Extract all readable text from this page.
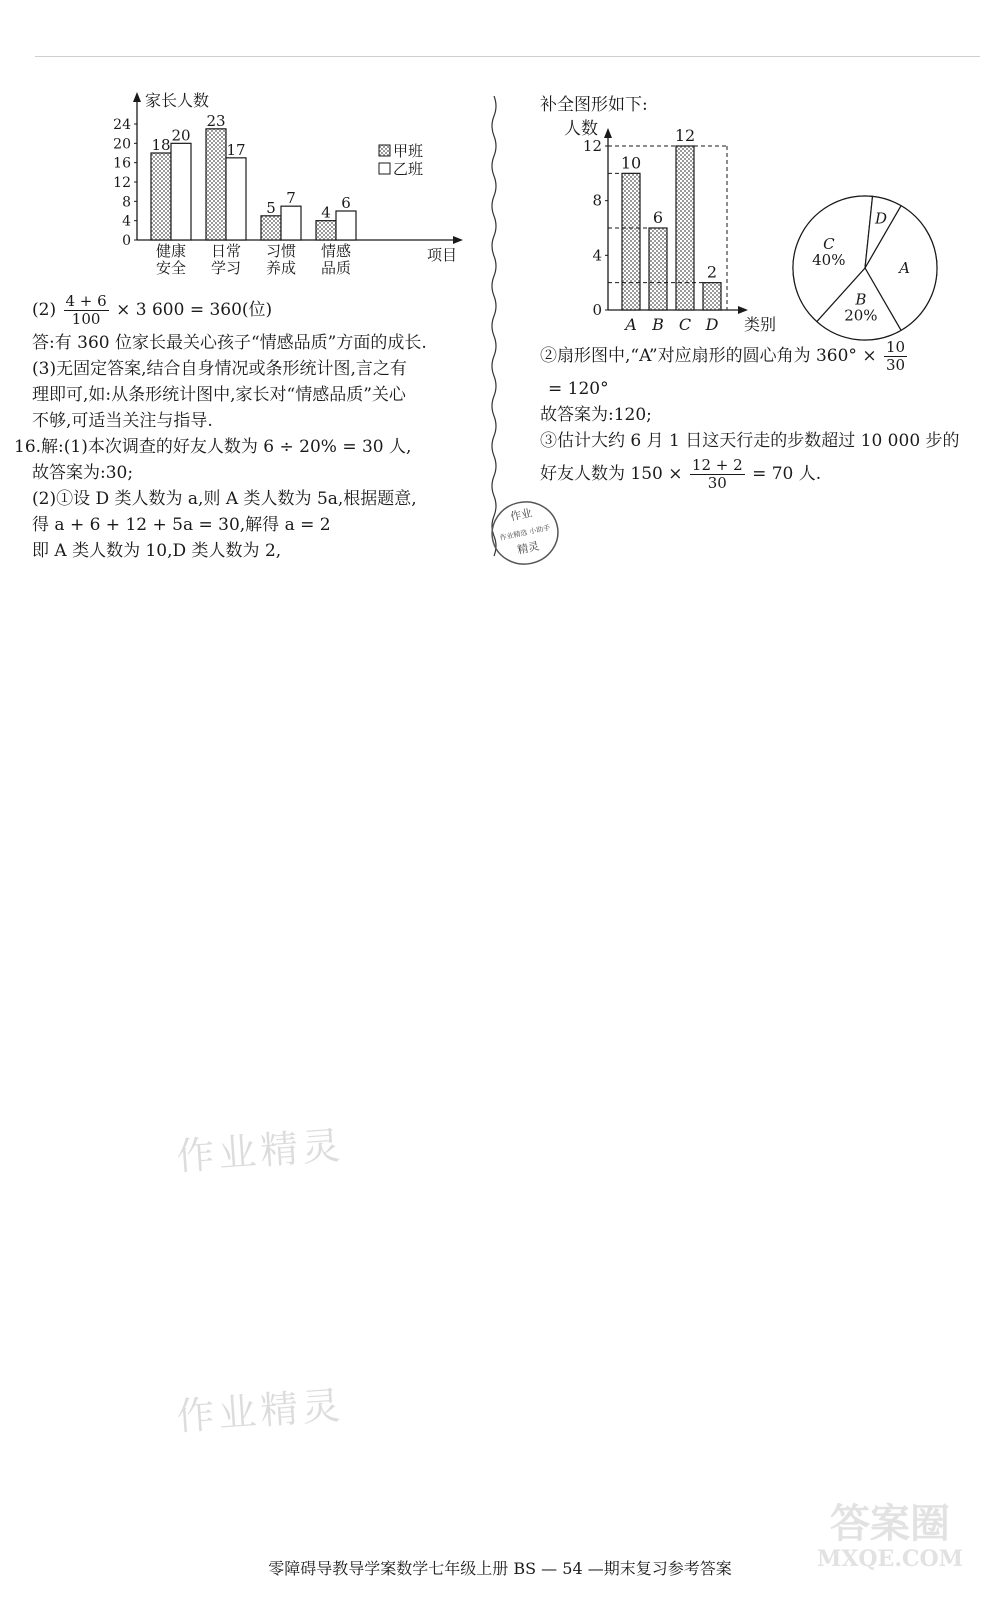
家长人数
项目
0
4
8
12
16
20
24
18
20
健康
安全
23
17
日常
学习
5
7
习惯
养成
4
6
情感
品质
甲班
乙班
$(2) \frac{4 + 6}{100} \times 3$ 600 = 360(位)
答:有 360 位家长最关心孩子“情感品质”方面的成长.
(3)无固定答案,结合自身情况或条形统计图,言之有
理即可,如:从条形统计图中,家长对“情感品质”关心
不够,可适当关注与指导.
16.解:(1)本次调查的好友人数为 6 ÷ 20% = 30 人,
故答案为:30;
(2)①设 D 类人数为 a,则 A 类人数为 5a,根据题意,
得 a + 6 + 12 + 5a = 30,解得 a = 2
即 A 类人数为 10,D 类人数为 2,
补全图形如下:
人数
类别
0
4
8
12
10
A
6
B
12
C
2
D
A
B
20%
C
40%
D
②扇形图中,“A”对应扇形的圆心角为 $360^\circ \times \frac{10}{30}$
= 120°
故答案为:120;
③估计大约 6 月 1 日这天行走的步数超过 10 000 步的
好友人数为 $150 \times \frac{12 + 2}{30} = 70$ 人.
作业
作业精选 小助手
精灵
作业精灵
作业精灵
答案圈
MXQE.COM
零障碍导教导学案数学七年级上册 BS — 54 —期末复习参考答案
